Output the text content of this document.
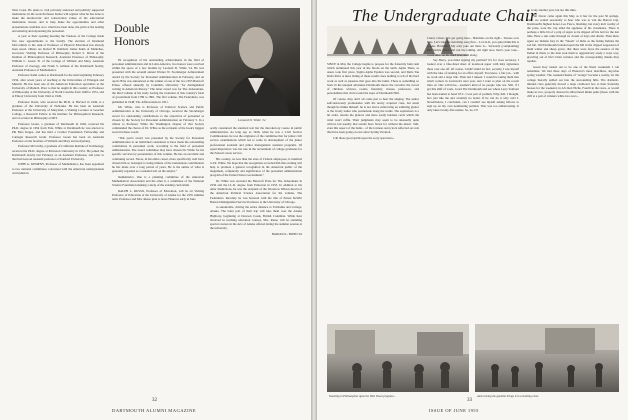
West Coast. He plans to visit privately endowed and publicly supported institutions. In the work Professor Keller will register what he has done to make the meritocratic and conservation values of the educational institutions clearer, and to help make the opportunities and other presentations available as to what have been done, the point at the leading and entering and expressing the personnel.

A year or their opening meeting the Trustees of the College made five new appointments to the faculty. The election of Desmond McCormick to the rank of Professor of Physical Education has already been noted. Others are Robert H. Kimball, James Kahn of Manicheo, Groveton; Visiting Professor of Philosophy; Robert S. Davis of the Institute of Philosophical Research, Assistant Professor of Philosophy. William C. Green '31 of the College of William and Mary, Assistant Professor of Zoology, and Frank S. Gilman of the Dartmouth faculty, Assistant Professor of Mathematics.

Professor Kahn comes to Dartmouth for the term beginning February 1956, after seven years of teaching at the Universities of Erlangen and Munich. He has been one of the American Education specialists at the University of Munich. Prior to that he taught in this country as Professor of Philosophy at the University of North Carolina from 1948 to 1951, and at Emory University from 1942 to 1949.

Professor Davis, who received his Ph.D. at Harvard in 1949, is a graduate of the University of Nebraska. He has been an Assistant Professor at the University of Maryland, a Visiting Lecturer at Goucher College, a Research Fellow at the Institute for Philosophical Research, and a Lecturer in Philosophy at MIT.

Professor Green, a graduate of Dartmouth in 1949, received his Ph.D. degree in 1954 from Yale. While at Dartmouth he was elected to Phi Beta Kappa, and has held a Cramer Foundation Fellowship and Carnegie Research Grant. Professor Green has been an Assistant Professor on the faculties of William and Mary and Gettysburg.

Professor McCarthy, a graduate of California Institute of Technology, received his Ph.D. degree at Princeton University in 1951. He joined the Dartmouth faculty last February as an Assistant Professor, and prior to that had been an assistant professor at Stanford University.

JOHN G. KEMENY, Professor of Mathematics, has been appointed to two national committees concerned with the American undergraduate curriculum in

Double Honors

IN recognition of his outstanding achievements in the field of personnel administration and in Latin-America, two honors were received within the space of a few months by Leonard D. White '14. He was presented with the seventh annual Warner W. Stockberger Achievement Award by the Society for Personnel Administration in February, and on April 28 he was announced as the winner of one of the two 1955 Bancroft Prizes, offered annually by Columbia University "for distinguished writing in American history." The latter award was for The Jacksonians, the third volume of his study tracing the evolution of this country's form of government from 1789 to 1861. The first volume, The Federalists, was published in 1948; The Jeffersonians in 1951.

Mr. White, who is Professor of Political Science and Public Administration at the University of Chicago, received the Stockberger award for outstanding contributions to the objectives of personnel as chosen by the Society for Personnel Administration on February 5. In a tribute to Professor White the Washington chapter of that Society commended the choice of Dr. White as the recipient of the book's biggest award in these words:

"This year's award was presented by the Society for Personnel Administration to an individual considered to have made the outstanding contribution in personnel work, according to the field of personnel administration. The award committee may have chosen Dr. White for his specific services by presentation of this volume. He has an excellent and continuing record. Never, in his entire career, more specifically well have chosen him so belonged to being minute of the tremendous contributions he has made over a long period of years. He is the author of what is generally regarded as a standard text on the subject."

mathematics. One is a planning committee of the American Mathematical Association and the other is a committee of the National Science Foundation making a study of the existing curriculum.

RALPH L. RUSSO, Professor of Education, will be on Visiting Professor of Education at the University of Alaska for the 1955 summer term. Professor and Mrs. Russo plan to leave Hanover early in June

Leonard D. White '14

orally considered the standard text but the introductory course in public administration. As long ago as 1926, when he was a Civil Service Commissioner, he was the originator of the committee that for junior civil service examinations which led to some in development of the junior professional assistant and junior management assistant programs. Of equal importance was his role in the recruitment of college graduates for the Federal career service.

His country, no less than the state of Federal employees, is indebted to Dr. White. We hope that the recognition accorded him this evening will help to promote a general recognition in the American public of the magnitude, complexity and significance of the personnel administration program of the United States Government."

Dr. White was awarded the Bancroft Prize for The Jacksonians in 1956 and the LL.D. degree from Princeton in 1953. In addition to his other distinctions, he was the recipient of the Woodrow Wilson Award of the American Political Science Association for his volume, The Federalists. Recently he was honored with the title of Ernest DeWitt Burton Distinguished Service Professor at the University of Chicago.

to automobile, driving the entire distance to Fairbanks and College, Alaska. The latter part of their trip will take them over the Alaska Highway, beginning at Dawson Creek, British Columbia. While here involved in teaching education courses, Mrs. Russo will be attending special courses in the Arts of Alaska offered during the summer session at the university.

HAROLD L. BOND '42

32
DARTMOUTH ALUMNI MAGAZINE
The Undergraduate Chair

SINCE in May the College begins to prepare for the fraternity bum rush which terminated this year in the floods on the tenth. Alpha Theta, as usual, took first place. Sigma Alpha Epsilon was second, and Delta Tau Delta third. A mere listing of these results does nothing to tell of the hard work as well as pleasure that goes into the bums. There is something so basic in the unequal adventure Dartmouth shows the vacation: the crowd of children, widows, rooms, fraternity, classes, professors, and personalities that circle round the steps of Dartmouth Hall.

Of course, they don't all come just to hear the singing. The senior selfconsciously promenades with his newly acquired cane, but usual though he thinks himself, he is not above subtracting an admiring glance at the lovely ladies who promenade along the walks. The sophomore is a bit older, returns the glances and more easily burdens cards which the wind won't ruffle. Their judgments may seem to be unusually quite critical, but usually that results have flown for without the music. Still, even this aspect of the bums - of the lowness sun (clock reflected on rods that have been going on ever since Spring Vacation.

Call those good spirits upon the sorry spectators...

Cmon, Cmon, let's get going here... Hartmuts on the right... Tresses over here. Let's take the marching song first... L-O-O-K, you quiet think this is a joke. Hartmuts! My only joke out there is... Seriously (complaining) let's buckle down and run the talking. All right now, here's your tone... swich me... on the third beat, hum along.

Say Harry, you mind signing my petition? It's for class secretary. I looked over a blue-lined sheet of notebook paper with inky signatures there over one off. Of course, I didn't mind. In fact, secretly, I saw myself with the idea of running for an office myself. You know, a fair job... with no work and a large title. Then last I mused. I would be taking them into small corners in Lewiston's next year, and I want to plan on the recent lines of. One will have... another's kind of no people who see. Still, if I get this shift of work, I read The Dartmouth and see where Larry Sanborn has been named to head I.F.C. I was part of podium, Why, hell, I thought, he's just like me and certainly no better. If he can do it why can't I. Nevertheless, I concluded, can I couldn't see myself asking fellows to sign up on my own nominating petition. That was too embarrassing. It only takes twenty-five names. So, no, I'll

do it any another year, but not this time.

Yet Dover came again this May as it has for the past 56 springs. First, we waited seasonally to hear who was to win the Barrett Cup. Dartmouth's highest honor, Leo Fusco, blushing, but every inch worthy of the prize, took the cup amid the applause of his classmates. There is perhaps a little bit of a prig of regret as he slipped off his belt for the last time. Here a sun came through its clouds of days and drums. Then there again are Indians fury in the "Sneak" of India as the fading Indians the sad fall. Old Dartmouth branded upon the hill in the clipped zeppeared of math winter and sheep garve, that there were faces the essence of the Indian in them, to the man took them to aggressively ready a ways way, growling out of life's bitter textures and the corresponding cheeks they repulse.

Green Key turned out to be one of the finest weekends I can remember. We had three days of Hanover's most matchless, sky-blue spring weather. The weekend theme of "orange" became a reality, for the college literally spilled out into the surrounding hills. The dramatic-minded class generally moved a large cardboard box to their fraternity houses for the weekend, in Al's Red Niche, Fourth in the races, or would make us two, properly dressed in abbreviated khaki pants (those with the cliff at a pair of winners while two rows...

Sweating in Philosophies upon the West Down program...	And running the gauntlet brings it to a shutting close.
33
ISSUE OF JUNE 1955
